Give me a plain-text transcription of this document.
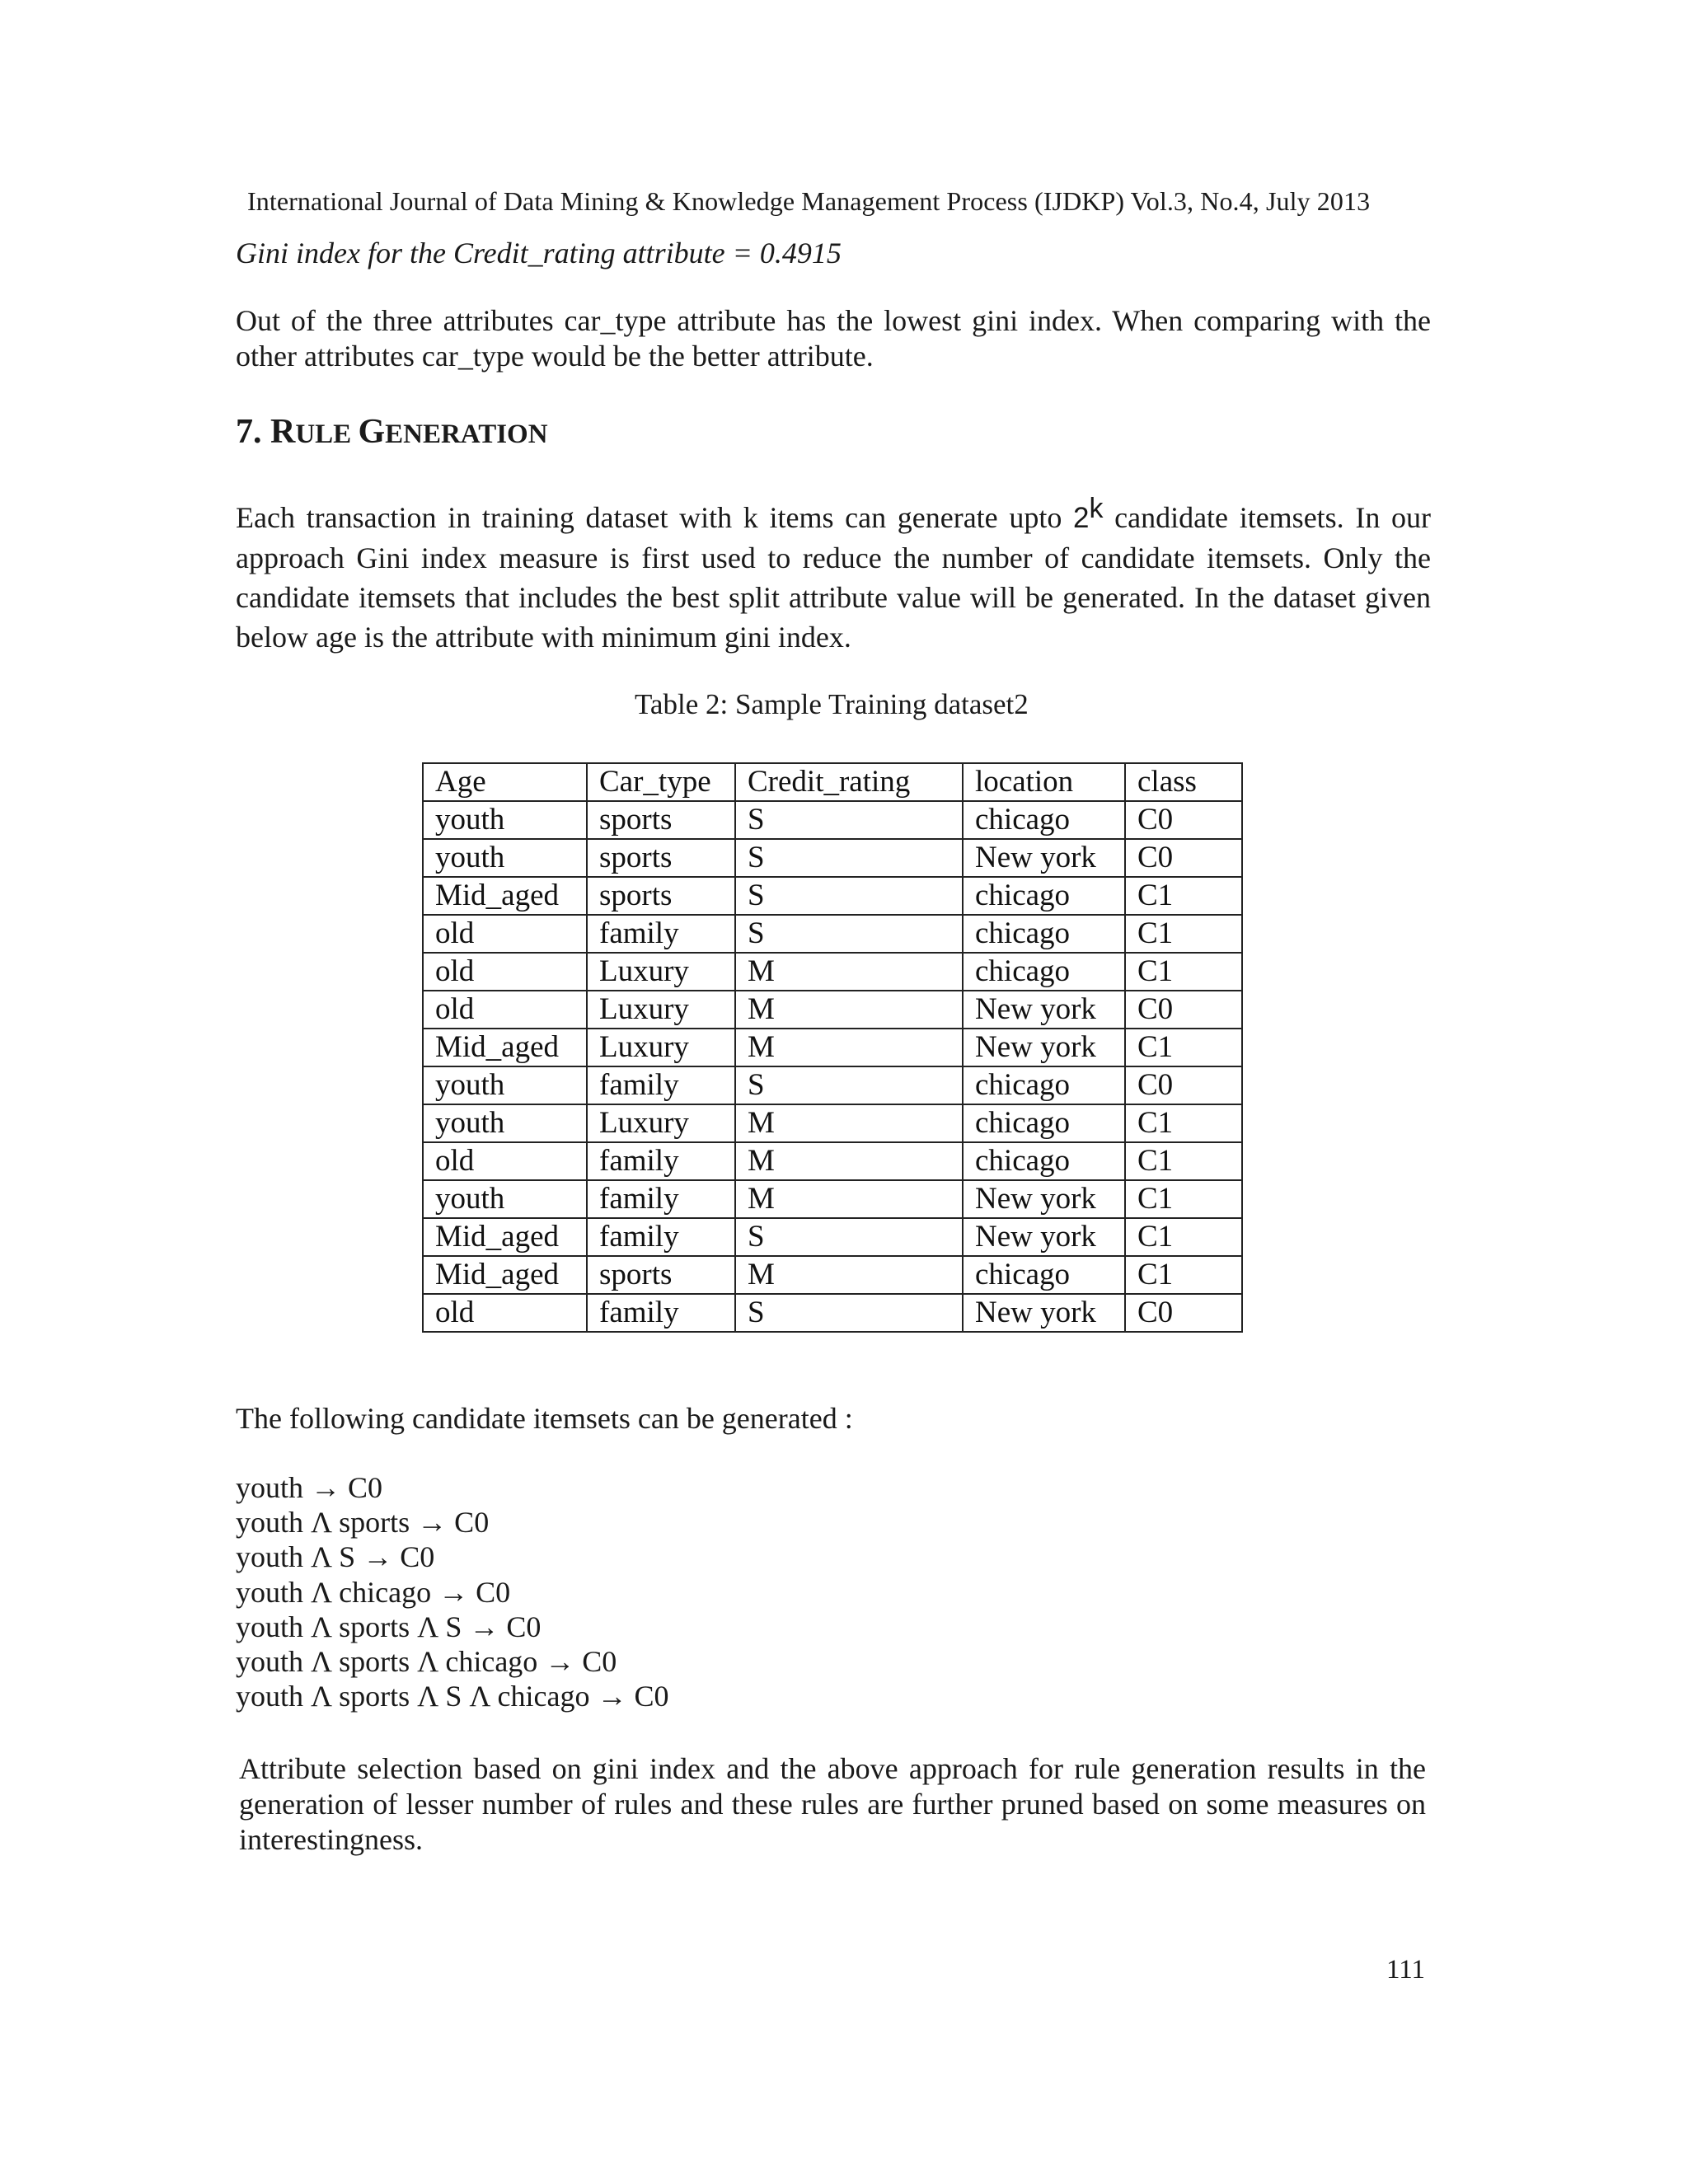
International Journal of Data Mining & Knowledge Management Process (IJDKP) Vol.3, No.4, July 2013
Gini index for the Credit_rating attribute = 0.4915
Out of the three attributes car_type attribute has the lowest gini index. When comparing with the other attributes car_type would be the better attribute.
7. RULE GENERATION
Each transaction in training dataset with k items can generate upto 2$^k$ candidate itemsets. In our approach Gini index measure is first used to reduce the number of candidate itemsets. Only the candidate itemsets that includes the best split attribute value will be generated. In the dataset given below age is the attribute with minimum gini index.
Table 2: Sample Training dataset2
Age	Car_type	Credit_rating	location	class
youth	sports	S	chicago	C0
youth	sports	S	New york	C0
Mid_aged	sports	S	chicago	C1
old	family	S	chicago	C1
old	Luxury	M	chicago	C1
old	Luxury	M	New york	C0
Mid_aged	Luxury	M	New york	C1
youth	family	S	chicago	C0
youth	Luxury	M	chicago	C1
old	family	M	chicago	C1
youth	family	M	New york	C1
Mid_aged	family	S	New york	C1
Mid_aged	sports	M	chicago	C1
old	family	S	New york	C0
The following candidate itemsets can be generated :
youth → C0
youth Λ sports → C0
youth Λ S → C0
youth Λ chicago → C0
youth Λ sports Λ S → C0
youth Λ sports Λ chicago → C0
youth Λ sports Λ S Λ chicago → C0
Attribute selection based on gini index and the above approach for rule generation results in the generation of lesser number of rules and these rules are further pruned based on some measures on interestingness.
111
